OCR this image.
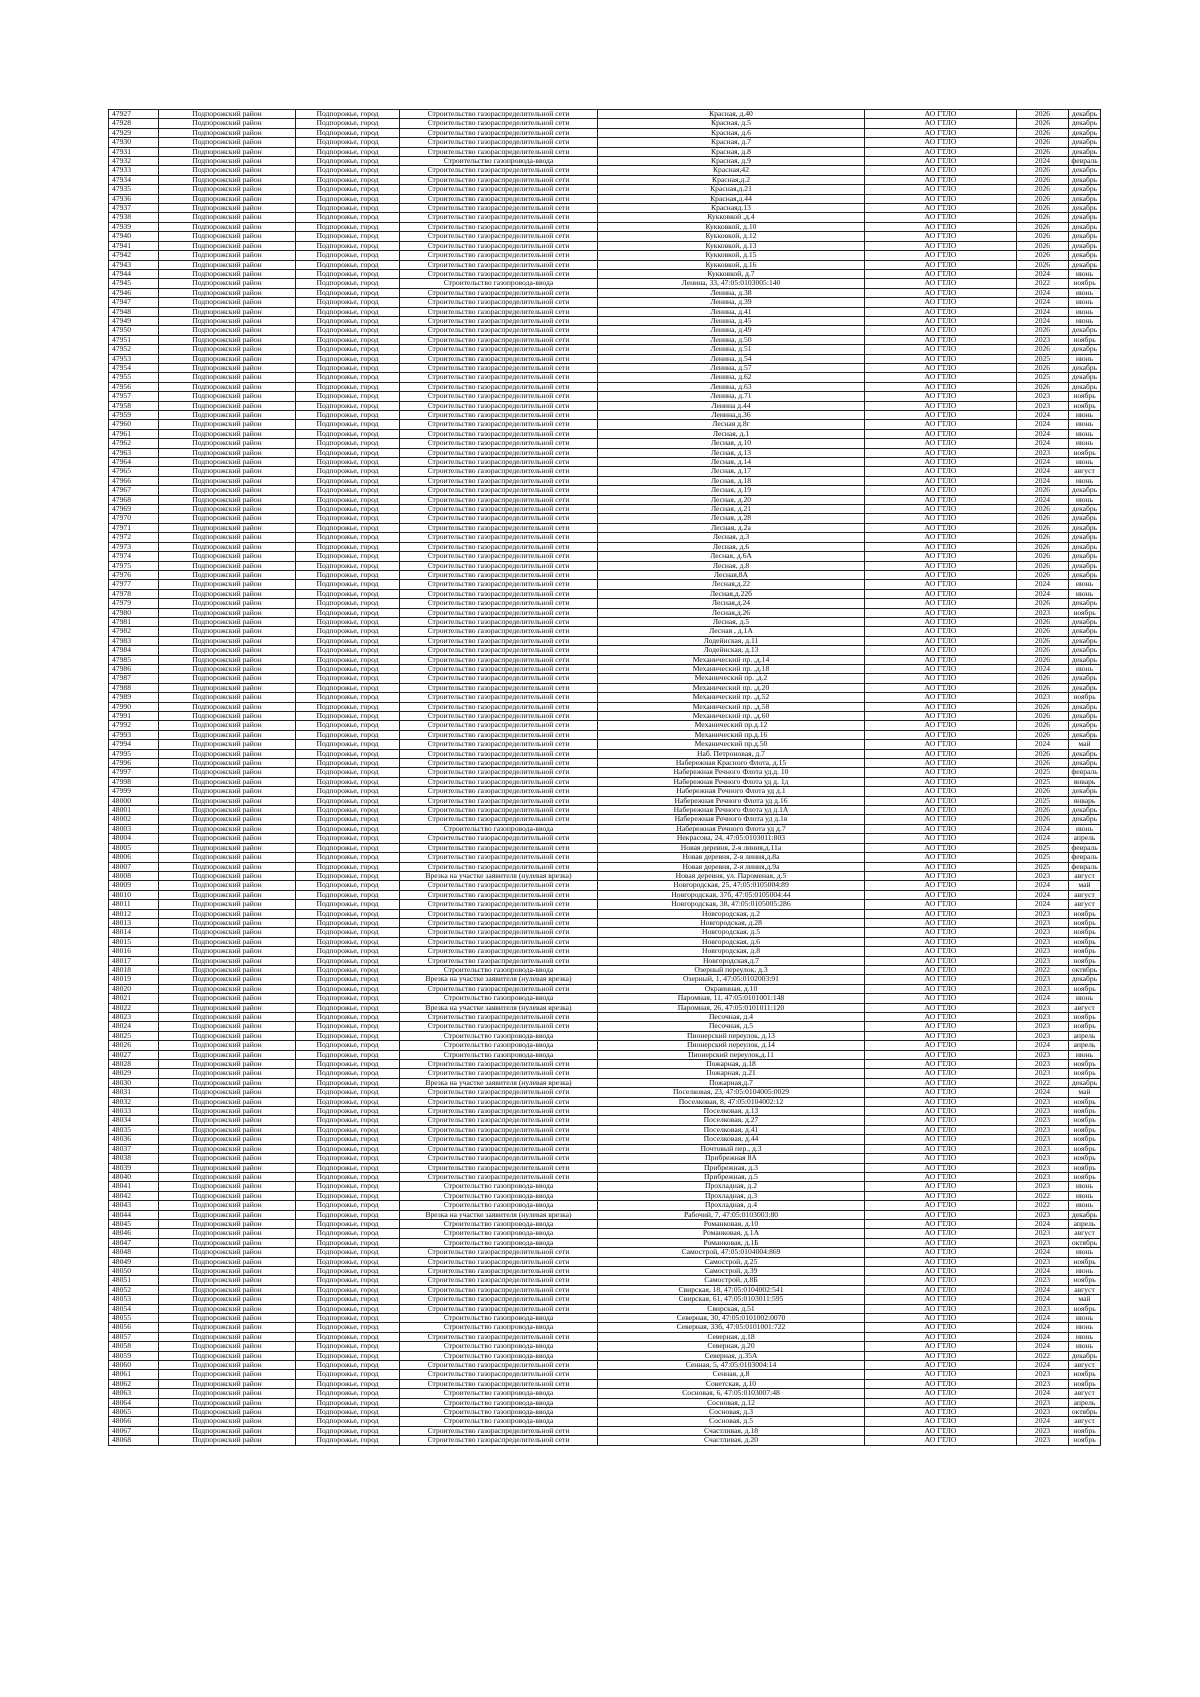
47927	Подпорожский район	Подпорожье, город	Строительство газораспределительной сети	Красная, д.40	АО ГТЛО	2026	декабрь
47928	Подпорожский район	Подпорожье, город	Строительство газораспределительной сети	Красная, д.5	АО ГТЛО	2026	декабрь
47929	Подпорожский район	Подпорожье, город	Строительство газораспределительной сети	Красная, д.6	АО ГТЛО	2026	декабрь
47930	Подпорожский район	Подпорожье, город	Строительство газораспределительной сети	Красная, д.7	АО ГТЛО	2026	декабрь
47931	Подпорожский район	Подпорожье, город	Строительство газораспределительной сети	Красная, д.8	АО ГТЛО	2026	декабрь
47932	Подпорожский район	Подпорожье, город	Строительство газопровода-ввода	Красная, д.9	АО ГТЛО	2024	февраль
47933	Подпорожский район	Подпорожье, город	Строительство газораспределительной сети	Красная,42	АО ГТЛО	2026	декабрь
47934	Подпорожский район	Подпорожье, город	Строительство газораспределительной сети	Красная,д.2	АО ГТЛО	2026	декабрь
47935	Подпорожский район	Подпорожье, город	Строительство газораспределительной сети	Красная,д.21	АО ГТЛО	2026	декабрь
47936	Подпорожский район	Подпорожье, город	Строительство газораспределительной сети	Красная,д.44	АО ГТЛО	2026	декабрь
47937	Подпорожский район	Подпорожье, город	Строительство газораспределительной сети	Краснаяд.13	АО ГТЛО	2026	декабрь
47938	Подпорожский район	Подпорожье, город	Строительство газораспределительной сети	Кукковкой ,д.4	АО ГТЛО	2026	декабрь
47939	Подпорожский район	Подпорожье, город	Строительство газораспределительной сети	Кукковкой, д.10	АО ГТЛО	2026	декабрь
47940	Подпорожский район	Подпорожье, город	Строительство газораспределительной сети	Кукковкой, д.12	АО ГТЛО	2026	декабрь
47941	Подпорожский район	Подпорожье, город	Строительство газораспределительной сети	Кукковкой, д.13	АО ГТЛО	2026	декабрь
47942	Подпорожский район	Подпорожье, город	Строительство газораспределительной сети	Кукковкой, д.15	АО ГТЛО	2026	декабрь
47943	Подпорожский район	Подпорожье, город	Строительство газораспределительной сети	Кукковкой, д.16	АО ГТЛО	2026	декабрь
47944	Подпорожский район	Подпорожье, город	Строительство газораспределительной сети	Кукковкой, д.7	АО ГТЛО	2024	июнь
47945	Подпорожский район	Подпорожье, город	Строительство газопровода-ввода	Ленина, 33, 47:05:0103005:140	АО ГТЛО	2022	ноябрь
47946	Подпорожский район	Подпорожье, город	Строительство газораспределительной сети	Ленина, д.38	АО ГТЛО	2024	июнь
47947	Подпорожский район	Подпорожье, город	Строительство газораспределительной сети	Ленина, д.39	АО ГТЛО	2024	июнь
47948	Подпорожский район	Подпорожье, город	Строительство газораспределительной сети	Ленина, д.41	АО ГТЛО	2024	июнь
47949	Подпорожский район	Подпорожье, город	Строительство газораспределительной сети	Ленина, д.45	АО ГТЛО	2024	июнь
47950	Подпорожский район	Подпорожье, город	Строительство газораспределительной сети	Ленина, д.49	АО ГТЛО	2026	декабрь
47951	Подпорожский район	Подпорожье, город	Строительство газораспределительной сети	Ленина, д.50	АО ГТЛО	2023	ноябрь
47952	Подпорожский район	Подпорожье, город	Строительство газораспределительной сети	Ленина, д.51	АО ГТЛО	2026	декабрь
47953	Подпорожский район	Подпорожье, город	Строительство газораспределительной сети	Ленина, д.54	АО ГТЛО	2025	июнь
47954	Подпорожский район	Подпорожье, город	Строительство газораспределительной сети	Ленина, д.57	АО ГТЛО	2026	декабрь
47955	Подпорожский район	Подпорожье, город	Строительство газораспределительной сети	Ленина, д.62	АО ГТЛО	2025	декабрь
47956	Подпорожский район	Подпорожье, город	Строительство газораспределительной сети	Ленина, д.63	АО ГТЛО	2026	декабрь
47957	Подпорожский район	Подпорожье, город	Строительство газораспределительной сети	Ленина, д.71	АО ГТЛО	2023	ноябрь
47958	Подпорожский район	Подпорожье, город	Строительство газораспределительной сети	Ленина д.44	АО ГТЛО	2023	ноябрь
47959	Подпорожский район	Подпорожье, город	Строительство газораспределительной сети	Ленина,д.36	АО ГТЛО	2024	июнь
47960	Подпорожский район	Подпорожье, город	Строительство газораспределительной сети	Лесная д.8г	АО ГТЛО	2024	июнь
47961	Подпорожский район	Подпорожье, город	Строительство газораспределительной сети	Лесная, д.1	АО ГТЛО	2024	июнь
47962	Подпорожский район	Подпорожье, город	Строительство газораспределительной сети	Лесная, д.10	АО ГТЛО	2024	июнь
47963	Подпорожский район	Подпорожье, город	Строительство газораспределительной сети	Лесная, д.13	АО ГТЛО	2023	ноябрь
47964	Подпорожский район	Подпорожье, город	Строительство газораспределительной сети	Лесная, д.14	АО ГТЛО	2024	июнь
47965	Подпорожский район	Подпорожье, город	Строительство газораспределительной сети	Лесная, д.17	АО ГТЛО	2024	август
47966	Подпорожский район	Подпорожье, город	Строительство газораспределительной сети	Лесная, д.18	АО ГТЛО	2024	июнь
47967	Подпорожский район	Подпорожье, город	Строительство газораспределительной сети	Лесная, д.19	АО ГТЛО	2026	декабрь
47968	Подпорожский район	Подпорожье, город	Строительство газораспределительной сети	Лесная, д.20	АО ГТЛО	2024	июнь
47969	Подпорожский район	Подпорожье, город	Строительство газораспределительной сети	Лесная, д.21	АО ГТЛО	2026	декабрь
47970	Подпорожский район	Подпорожье, город	Строительство газораспределительной сети	Лесная, д.28	АО ГТЛО	2026	декабрь
47971	Подпорожский район	Подпорожье, город	Строительство газораспределительной сети	Лесная, д.2а	АО ГТЛО	2026	декабрь
47972	Подпорожский район	Подпорожье, город	Строительство газораспределительной сети	Лесная, д.3	АО ГТЛО	2026	декабрь
47973	Подпорожский район	Подпорожье, город	Строительство газораспределительной сети	Лесная, д.6	АО ГТЛО	2026	декабрь
47974	Подпорожский район	Подпорожье, город	Строительство газораспределительной сети	Лесная, д.6А	АО ГТЛО	2026	декабрь
47975	Подпорожский район	Подпорожье, город	Строительство газораспределительной сети	Лесная, д.8	АО ГТЛО	2026	декабрь
47976	Подпорожский район	Подпорожье, город	Строительство газораспределительной сети	Лесная,8А	АО ГТЛО	2026	декабрь
47977	Подпорожский район	Подпорожье, город	Строительство газораспределительной сети	Лесная,д.22	АО ГТЛО	2024	июнь
47978	Подпорожский район	Подпорожье, город	Строительство газораспределительной сети	Лесная,д.22б	АО ГТЛО	2024	июнь
47979	Подпорожский район	Подпорожье, город	Строительство газораспределительной сети	Лесная,д.24	АО ГТЛО	2026	декабрь
47980	Подпорожский район	Подпорожье, город	Строительство газораспределительной сети	Лесная,д.26	АО ГТЛО	2023	ноябрь
47981	Подпорожский район	Подпорожье, город	Строительство газораспределительной сети	Лесная, д.5	АО ГТЛО	2026	декабрь
47982	Подпорожский район	Подпорожье, город	Строительство газораспределительной сети	Лесная , д.1А	АО ГТЛО	2026	декабрь
47983	Подпорожский район	Подпорожье, город	Строительство газораспределительной сети	Лодейнская, д.11	АО ГТЛО	2026	декабрь
47984	Подпорожский район	Подпорожье, город	Строительство газораспределительной сети	Лодейнская, д.13	АО ГТЛО	2026	декабрь
47985	Подпорожский район	Подпорожье, город	Строительство газораспределительной сети	Механический пр. ,д.14	АО ГТЛО	2026	декабрь
47986	Подпорожский район	Подпорожье, город	Строительство газораспределительной сети	Механический пр. ,д.18	АО ГТЛО	2024	июнь
47987	Подпорожский район	Подпорожье, город	Строительство газораспределительной сети	Механический пр. ,д.2	АО ГТЛО	2026	декабрь
47988	Подпорожский район	Подпорожье, город	Строительство газораспределительной сети	Механический пр. ,д.20	АО ГТЛО	2026	декабрь
47989	Подпорожский район	Подпорожье, город	Строительство газораспределительной сети	Механический пр. ,д.52	АО ГТЛО	2023	ноябрь
47990	Подпорожский район	Подпорожье, город	Строительство газораспределительной сети	Механический пр. ,д.58	АО ГТЛО	2026	декабрь
47991	Подпорожский район	Подпорожье, город	Строительство газораспределительной сети	Механический пр. ,д.60	АО ГТЛО	2026	декабрь
47992	Подпорожский район	Подпорожье, город	Строительство газораспределительной сети	Механический пр.д.12	АО ГТЛО	2026	декабрь
47993	Подпорожский район	Подпорожье, город	Строительство газораспределительной сети	Механический пр.д.16	АО ГТЛО	2026	декабрь
47994	Подпорожский район	Подпорожье, город	Строительство газораспределительной сети	Механический пр.д.50	АО ГТЛО	2024	май
47995	Подпорожский район	Подпорожье, город	Строительство газораспределительной сети	Наб. Петроновая, д.7	АО ГТЛО	2026	декабрь
47996	Подпорожский район	Подпорожье, город	Строительство газораспределительной сети	Набережная Красного Флота, д.15	АО ГТЛО	2026	декабрь
47997	Подпорожский район	Подпорожье, город	Строительство газораспределительной сети	Набережная Речного Флота уд.д. 10	АО ГТЛО	2025	февраль
47998	Подпорожский район	Подпорожье, город	Строительство газораспределительной сети	Набережная Речного Флота уд д. 1д	АО ГТЛО	2025	январь
47999	Подпорожский район	Подпорожье, город	Строительство газораспределительной сети	Набережная Речного Флота уд д.1	АО ГТЛО	2026	декабрь
48000	Подпорожский район	Подпорожье, город	Строительство газораспределительной сети	Набережная Речного Флота уд д.16	АО ГТЛО	2025	январь
48001	Подпорожский район	Подпорожье, город	Строительство газораспределительной сети	Набережная Речного Флота уд д.1А	АО ГТЛО	2026	декабрь
48002	Подпорожский район	Подпорожье, город	Строительство газораспределительной сети	Набережная Речного Флота уд д.1в	АО ГТЛО	2026	декабрь
48003	Подпорожский район	Подпорожье, город	Строительство газопровода-ввода	Набережная Речного Флота уд д.7	АО ГТЛО	2024	июнь
48004	Подпорожский район	Подпорожье, город	Строительство газораспределительной сети	Некрасова, 24, 47:05:0103011:803	АО ГТЛО	2024	апрель
48005	Подпорожский район	Подпорожье, город	Строительство газораспределительной сети	Новая деревня, 2-я линия,д.11а	АО ГТЛО	2025	февраль
48006	Подпорожский район	Подпорожье, город	Строительство газораспределительной сети	Новая деревня, 2-я линия,д.8а	АО ГТЛО	2025	февраль
48007	Подпорожский район	Подпорожье, город	Строительство газораспределительной сети	Новая деревня, 2-я линия,д.9а	АО ГТЛО	2025	февраль
48008	Подпорожский район	Подпорожье, город	Врезка на участке заявителя (нулевая врезка)	Новая деревня, ул. Пароменая, д.5	АО ГТЛО	2023	август
48009	Подпорожский район	Подпорожье, город	Строительство газораспределительной сети	Новгородская, 25, 47:05:0105004:89	АО ГТЛО	2024	май
48010	Подпорожский район	Подпорожье, город	Строительство газораспределительной сети	Новгородская, 37б, 47:05:0105004:44	АО ГТЛО	2024	август
48011	Подпорожский район	Подпорожье, город	Строительство газораспределительной сети	Новгородская, 38, 47:05:0105005:286	АО ГТЛО	2024	август
48012	Подпорожский район	Подпорожье, город	Строительство газораспределительной сети	Новгородская, д.2	АО ГТЛО	2023	ноябрь
48013	Подпорожский район	Подпорожье, город	Строительство газораспределительной сети	Новгородская, д.28	АО ГТЛО	2023	ноябрь
48014	Подпорожский район	Подпорожье, город	Строительство газораспределительной сети	Новгородская, д.5	АО ГТЛО	2023	ноябрь
48015	Подпорожский район	Подпорожье, город	Строительство газораспределительной сети	Новгородская, д.6	АО ГТЛО	2023	ноябрь
48016	Подпорожский район	Подпорожье, город	Строительство газораспределительной сети	Новгородская, д.8	АО ГТЛО	2023	ноябрь
48017	Подпорожский район	Подпорожье, город	Строительство газораспределительной сети	Новгородская,д.7	АО ГТЛО	2023	ноябрь
48018	Подпорожский район	Подпорожье, город	Строительство газопровода-ввода	Озерный переулок, д.3	АО ГТЛО	2022	октябрь
48019	Подпорожский район	Подпорожье, город	Врезка на участке заявителя (нулевая врезка)	Озерный, 1, 47:05:0102003:91	АО ГТЛО	2023	декабрь
48020	Подпорожский район	Подпорожье, город	Строительство газораспределительной сети	Окраинная, д.10	АО ГТЛО	2023	ноябрь
48021	Подпорожский район	Подпорожье, город	Строительство газопровода-ввода	Паромная, 11, 47:05:0101001:148	АО ГТЛО	2024	июнь
48022	Подпорожский район	Подпорожье, город	Врезка на участке заявителя (нулевая врезка)	Паромная, 26, 47:05:0101011:120	АО ГТЛО	2023	август
48023	Подпорожский район	Подпорожье, город	Строительство газораспределительной сети	Песочная, д.4	АО ГТЛО	2023	ноябрь
48024	Подпорожский район	Подпорожье, город	Строительство газораспределительной сети	Песочная, д.5	АО ГТЛО	2023	ноябрь
48025	Подпорожский район	Подпорожье, город	Строительство газопровода-ввода	Пионерский переулок, д.13	АО ГТЛО	2023	апрель
48026	Подпорожский район	Подпорожье, город	Строительство газопровода-ввода	Пионерский переулок, д.14	АО ГТЛО	2024	апрель
48027	Подпорожский район	Подпорожье, город	Строительство газопровода-ввода	Пионерский переулок,д.11	АО ГТЛО	2023	июнь
48028	Подпорожский район	Подпорожье, город	Строительство газораспределительной сети	Пожарная, д.18	АО ГТЛО	2023	ноябрь
48029	Подпорожский район	Подпорожье, город	Строительство газораспределительной сети	Пожарная, д.21	АО ГТЛО	2023	ноябрь
48030	Подпорожский район	Подпорожье, город	Врезка на участке заявителя (нулевая врезка)	Пожарная,д.7	АО ГТЛО	2022	декабрь
48031	Подпорожский район	Подпорожье, город	Строительство газораспределительной сети	Поселковая, 23, 47:05:0104005:0029	АО ГТЛО	2024	май
48032	Подпорожский район	Подпорожье, город	Строительство газораспределительной сети	Поселковая, 8, 47:05:0104002:12	АО ГТЛО	2023	ноябрь
48033	Подпорожский район	Подпорожье, город	Строительство газораспределительной сети	Поселковая, д.13	АО ГТЛО	2023	ноябрь
48034	Подпорожский район	Подпорожье, город	Строительство газораспределительной сети	Поселковая, д.27	АО ГТЛО	2023	ноябрь
48035	Подпорожский район	Подпорожье, город	Строительство газораспределительной сети	Поселковая, д.41	АО ГТЛО	2023	ноябрь
48036	Подпорожский район	Подпорожье, город	Строительство газораспределительной сети	Поселковая, д.44	АО ГТЛО	2023	ноябрь
48037	Подпорожский район	Подпорожье, город	Строительство газораспределительной сети	Почтовый пер., д.3	АО ГТЛО	2023	ноябрь
48038	Подпорожский район	Подпорожье, город	Строительство газораспределительной сети	Прибрежная 8А	АО ГТЛО	2023	ноябрь
48039	Подпорожский район	Подпорожье, город	Строительство газораспределительной сети	Прибрежная, д.3	АО ГТЛО	2023	ноябрь
48040	Подпорожский район	Подпорожье, город	Строительство газораспределительной сети	Прибрежная, д.5	АО ГТЛО	2023	ноябрь
48041	Подпорожский район	Подпорожье, город	Строительство газопровода-ввода	Прохладная, д.2	АО ГТЛО	2023	июнь
48042	Подпорожский район	Подпорожье, город	Строительство газопровода-ввода	Прохладная, д.3	АО ГТЛО	2022	июнь
48043	Подпорожский район	Подпорожье, город	Строительство газопровода-ввода	Прохладная, д.4	АО ГТЛО	2022	июнь
48044	Подпорожский район	Подпорожье, город	Врезка на участке заявителя (нулевая врезка)	Рабочий, 7, 47:05:0103003:80	АО ГТЛО	2023	декабрь
48045	Подпорожский район	Подпорожье, город	Строительство газопровода-ввода	Романковая, д.10	АО ГТЛО	2024	апрель
48046	Подпорожский район	Подпорожье, город	Строительство газопровода-ввода	Романковая, д.1А	АО ГТЛО	2023	август
48047	Подпорожский район	Подпорожье, город	Строительство газопровода-ввода	Романковая, д.1Б	АО ГТЛО	2023	октябрь
48048	Подпорожский район	Подпорожье, город	Строительство газораспределительной сети	Самострой, 47:05:0104004:869	АО ГТЛО	2024	июнь
48049	Подпорожский район	Подпорожье, город	Строительство газораспределительной сети	Самострой, д.25	АО ГТЛО	2023	ноябрь
48050	Подпорожский район	Подпорожье, город	Строительство газораспределительной сети	Самострой, д.39	АО ГТЛО	2024	июнь
48051	Подпорожский район	Подпорожье, город	Строительство газораспределительной сети	Самострой, д.8Б	АО ГТЛО	2023	ноябрь
48052	Подпорожский район	Подпорожье, город	Строительство газораспределительной сети	Свирская, 18, 47:05:0104002:541	АО ГТЛО	2024	август
48053	Подпорожский район	Подпорожье, город	Строительство газораспределительной сети	Свирская, 61, 47:05:0103011:595	АО ГТЛО	2024	май
48054	Подпорожский район	Подпорожье, город	Строительство газораспределительной сети	Свирская, д.51	АО ГТЛО	2023	ноябрь
48055	Подпорожский район	Подпорожье, город	Строительство газопровода-ввода	Северная, 30, 47:05:0101002:0070	АО ГТЛО	2024	июнь
48056	Подпорожский район	Подпорожье, город	Строительство газопровода-ввода	Северная, 33б, 47:05:0101001:722	АО ГТЛО	2024	июнь
48057	Подпорожский район	Подпорожье, город	Строительство газораспределительной сети	Северная, д.18	АО ГТЛО	2024	июнь
48058	Подпорожский район	Подпорожье, город	Строительство газопровода-ввода	Северная, д.20	АО ГТЛО	2024	июнь
48059	Подпорожский район	Подпорожье, город	Строительство газопровода-ввода	Северная, д.35А	АО ГТЛО	2022	декабрь
48060	Подпорожский район	Подпорожье, город	Строительство газораспределительной сети	Сенная, 5, 47:05:0103004:14	АО ГТЛО	2024	август
48061	Подпорожский район	Подпорожье, город	Строительство газораспределительной сети	Сенная, д.8	АО ГТЛО	2023	ноябрь
48062	Подпорожский район	Подпорожье, город	Строительство газораспределительной сети	Советская, д.10	АО ГТЛО	2023	ноябрь
48063	Подпорожский район	Подпорожье, город	Строительство газопровода-ввода	Сосновая, 6, 47:05:0103007:48	АО ГТЛО	2024	август
48064	Подпорожский район	Подпорожье, город	Строительство газопровода-ввода	Сосновая, д.12	АО ГТЛО	2023	апрель
48065	Подпорожский район	Подпорожье, город	Строительство газопровода-ввода	Сосновая, д.3	АО ГТЛО	2023	октябрь
48066	Подпорожский район	Подпорожье, город	Строительство газопровода-ввода	Сосновая, д.5	АО ГТЛО	2024	август
48067	Подпорожский район	Подпорожье, город	Строительство газораспределительной сети	Счастливая, д.18	АО ГТЛО	2023	ноябрь
48068	Подпорожский район	Подпорожье, город	Строительство газораспределительной сети	Счастливая, д.20	АО ГТЛО	2023	ноябрь
